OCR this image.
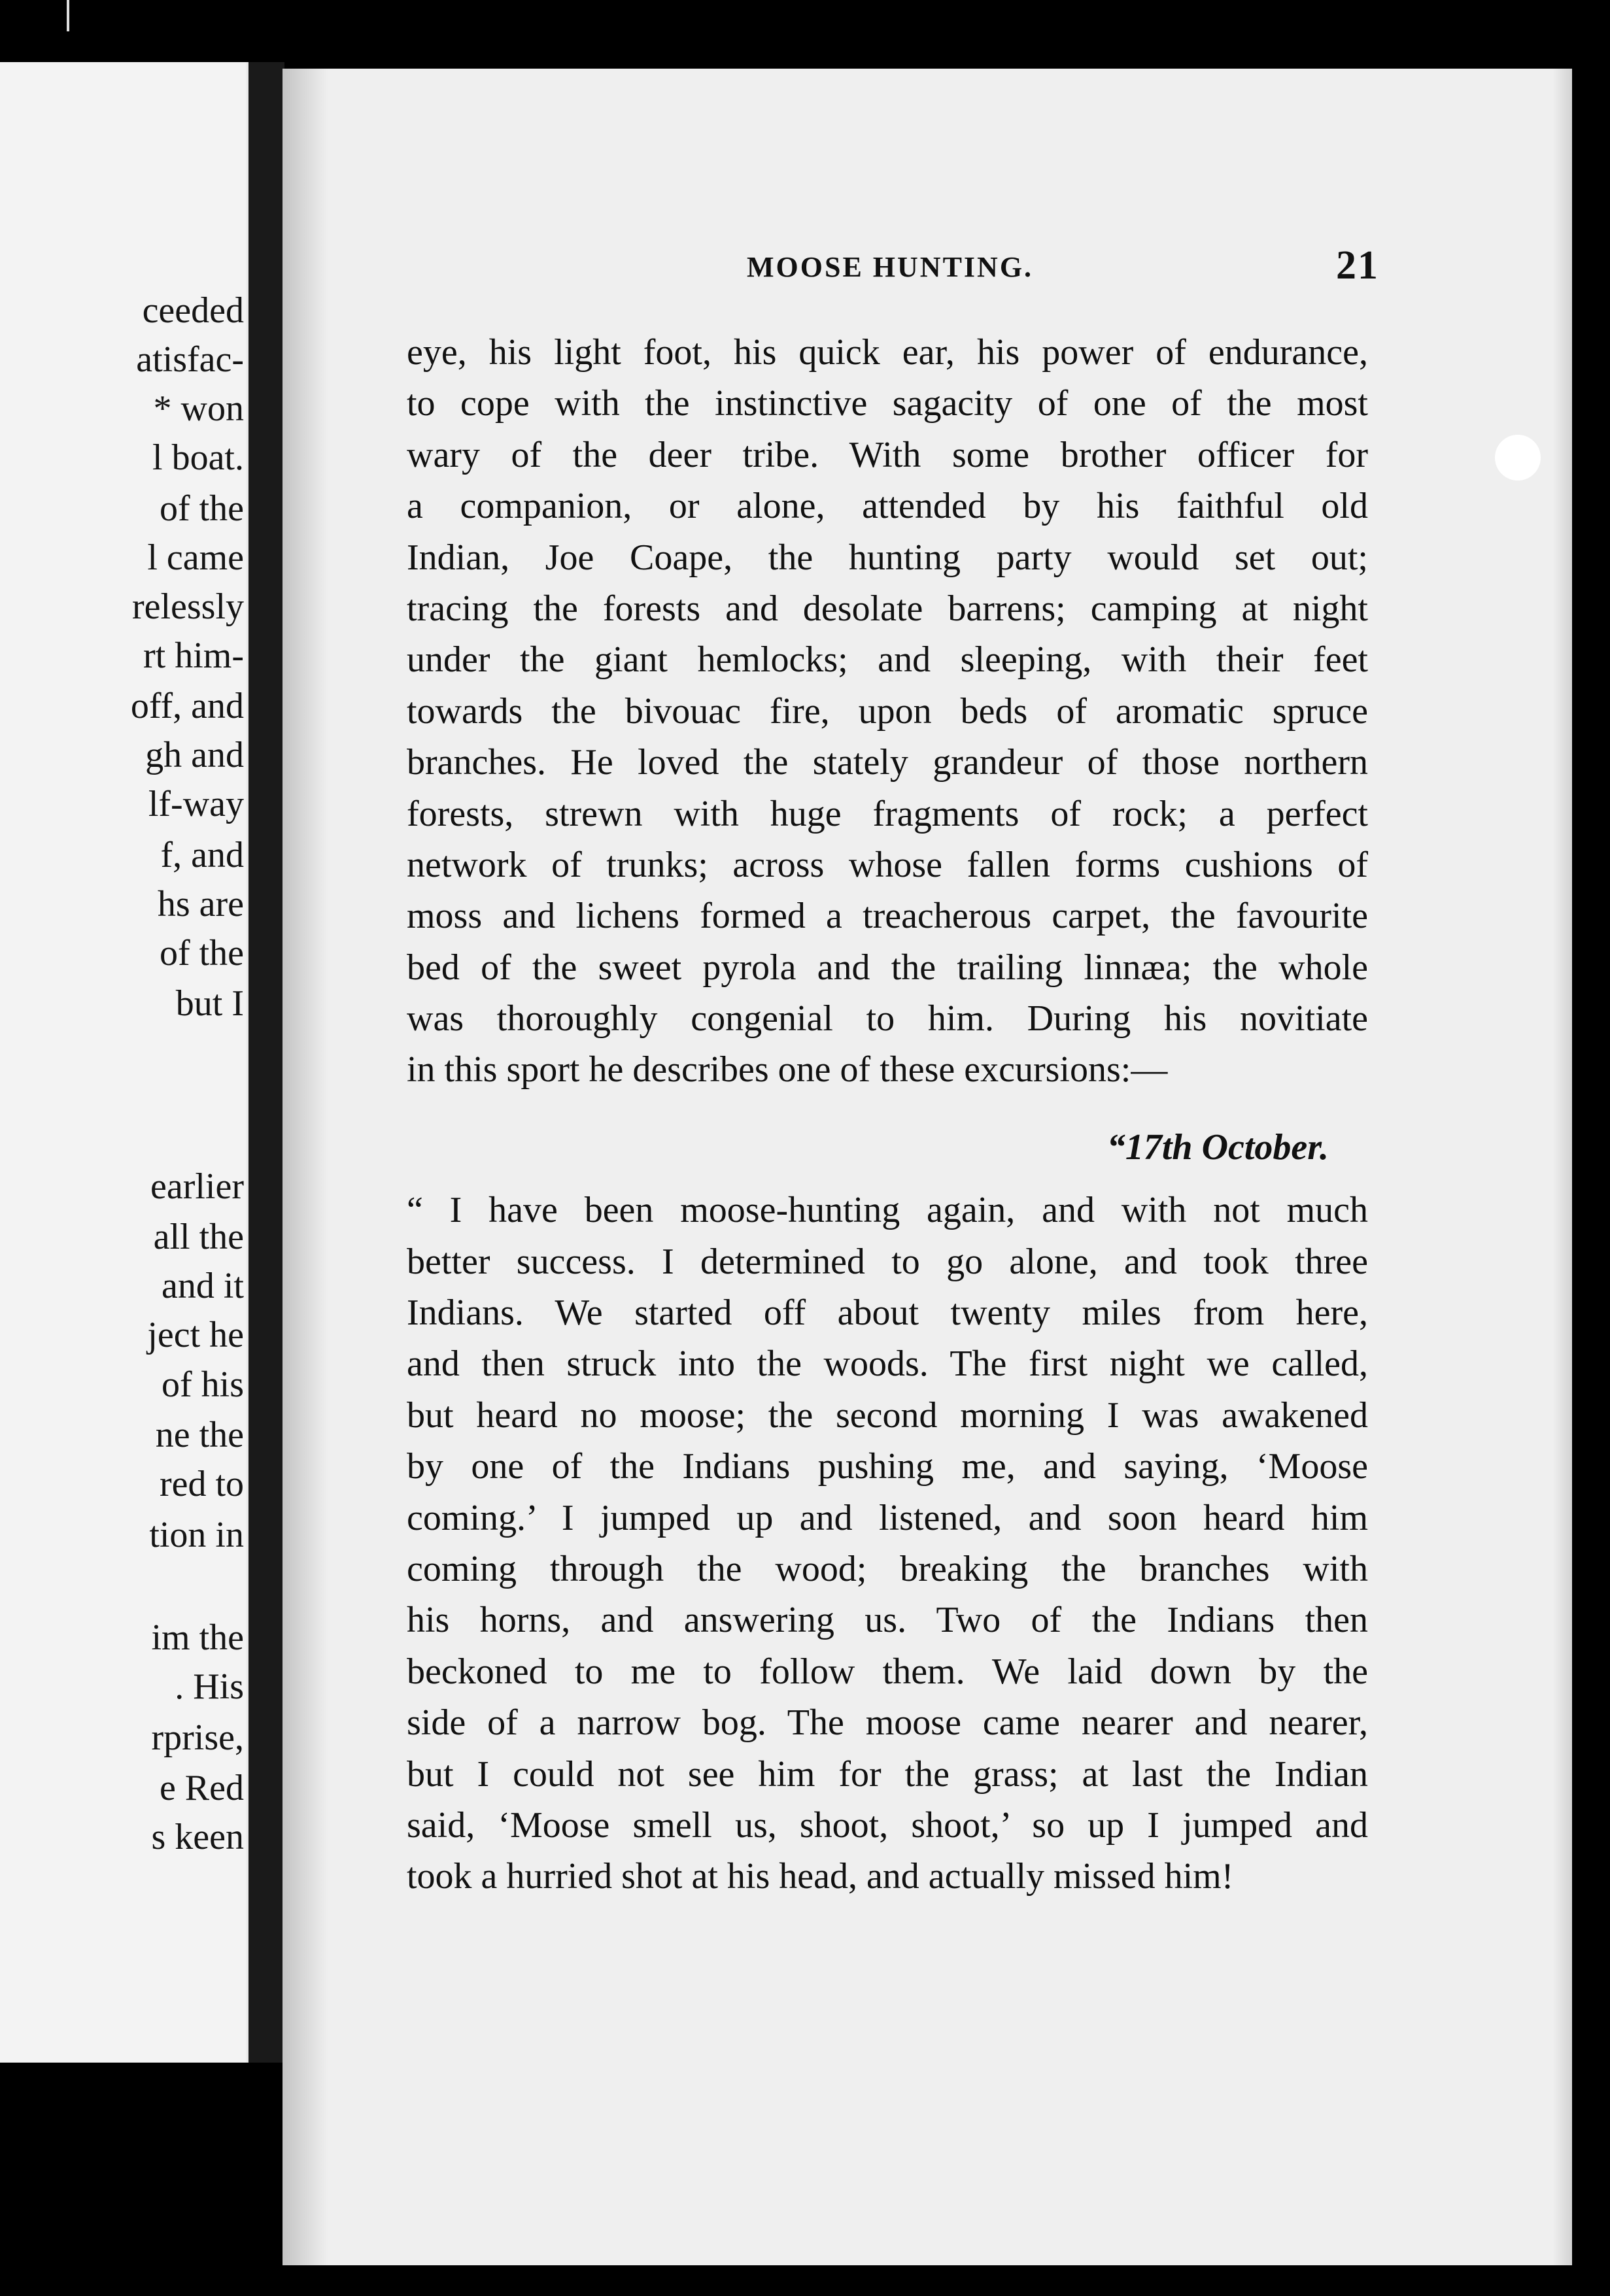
ceeded
atisfac-
* won
l boat.
of the
l came
relessly
rt him-
off, and
gh and
lf-way
f, and
hs are
of the
but I
earlier
all the
and it
ject he
of his
ne the
red to
tion in
im the
. His
rprise,
e Red
s keen
MOOSE HUNTING.	21
eye, his light foot, his quick ear, his power of endurance,
to cope with the instinctive sagacity of one of the most
wary of the deer tribe. With some brother officer for
a companion, or alone, attended by his faithful old
Indian, Joe Coape, the hunting party would set out;
tracing the forests and desolate barrens; camping at night
under the giant hemlocks; and sleeping, with their feet
towards the bivouac fire, upon beds of aromatic spruce
branches. He loved the stately grandeur of those northern
forests, strewn with huge fragments of rock; a perfect
network of trunks; across whose fallen forms cushions of
moss and lichens formed a treacherous carpet, the favourite
bed of the sweet pyrola and the trailing linnæa; the whole
was thoroughly congenial to him. During his novitiate
in this sport he describes one of these excursions:—
“17th October.
“ I have been moose-hunting again, and with not much
better success. I determined to go alone, and took three
Indians. We started off about twenty miles from here,
and then struck into the woods. The first night we called,
but heard no moose; the second morning I was awakened
by one of the Indians pushing me, and saying, ‘Moose
coming.’ I jumped up and listened, and soon heard him
coming through the wood; breaking the branches with
his horns, and answering us. Two of the Indians then
beckoned to me to follow them. We laid down by the
side of a narrow bog. The moose came nearer and nearer,
but I could not see him for the grass; at last the Indian
said, ‘Moose smell us, shoot, shoot,’ so up I jumped and
took a hurried shot at his head, and actually missed him!
